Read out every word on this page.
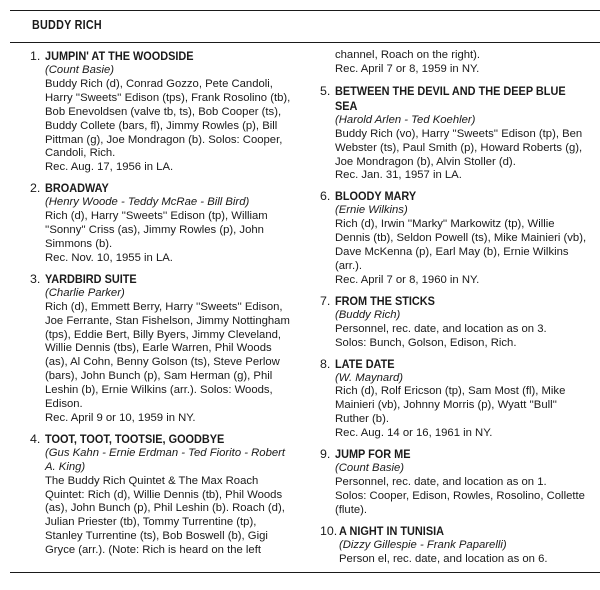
BUDDY RICH
1. JUMPIN' AT THE WOODSIDE
(Count Basie)
Buddy Rich (d), Conrad Gozzo, Pete Candoli, Harry ''Sweets'' Edison (tps), Frank Rosolino (tb), Bob Enevoldsen (valve tb, ts), Bob Cooper (ts), Buddy Collete (bars, fl), Jimmy Rowles (p), Bill Pittman (g), Joe Mondragon (b). Solos: Cooper, Candoli, Rich.
Rec. Aug. 17, 1956 in LA.
2. BROADWAY
(Henry Woode - Teddy McRae - Bill Bird)
Rich (d), Harry ''Sweets'' Edison (tp), William ''Sonny'' Criss (as), Jimmy Rowles (p), John Simmons (b).
Rec. Nov. 10, 1955 in LA.
3. YARDBIRD SUITE
(Charlie Parker)
Rich (d), Emmett Berry, Harry ''Sweets'' Edison, Joe Ferrante, Stan Fishelson, Jimmy Nottingham (tps), Eddie Bert, Billy Byers, Jimmy Cleveland, Willie Dennis (tbs), Earle Warren, Phil Woods (as), Al Cohn, Benny Golson (ts), Steve Perlow (bars), John Bunch (p), Sam Herman (g), Phil Leshin (b), Ernie Wilkins (arr.). Solos: Woods, Edison.
Rec. April 9 or 10, 1959 in NY.
4. TOOT, TOOT, TOOTSIE, GOODBYE
(Gus Kahn - Ernie Erdman - Ted Fiorito - Robert A. King)
The Buddy Rich Quintet & The Max Roach Quintet: Rich (d), Willie Dennis (tb), Phil Woods (as), John Bunch (p), Phil Leshin (b). Roach (d), Julian Priester (tb), Tommy Turrentine (tp), Stanley Turrentine (ts), Bob Boswell (b), Gigi Gryce (arr.). (Note: Rich is heard on the left
channel, Roach on the right).
Rec. April 7 or 8, 1959 in NY.
5. BETWEEN THE DEVIL AND THE DEEP BLUE SEA
(Harold Arlen - Ted Koehler)
Buddy Rich (vo), Harry ''Sweets'' Edison (tp), Ben Webster (ts), Paul Smith (p), Howard Roberts (g), Joe Mondragon (b), Alvin Stoller (d).
Rec. Jan. 31, 1957 in LA.
6. BLOODY MARY
(Ernie Wilkins)
Rich (d), Irwin ''Marky'' Markowitz (tp), Willie Dennis (tb), Seldon Powell (ts), Mike Mainieri (vb), Dave McKenna (p), Earl May (b), Ernie Wilkins (arr.).
Rec. April 7 or 8, 1960 in NY.
7. FROM THE STICKS
(Buddy Rich)
Personnel, rec. date, and location as on 3.
Solos: Bunch, Golson, Edison, Rich.
8. LATE DATE
(W. Maynard)
Rich (d), Rolf Ericson (tp), Sam Most (fl), Mike Mainieri (vb), Johnny Morris (p), Wyatt ''Bull'' Ruther (b).
Rec. Aug. 14 or 16, 1961 in NY.
9. JUMP FOR ME
(Count Basie)
Personnel, rec. date, and location as on 1.
Solos: Cooper, Edison, Rowles, Rosolino, Collette (flute).
10. A NIGHT IN TUNISIA
(Dizzy Gillespie - Frank Paparelli)
Person el, rec. date, and location as on 6.
